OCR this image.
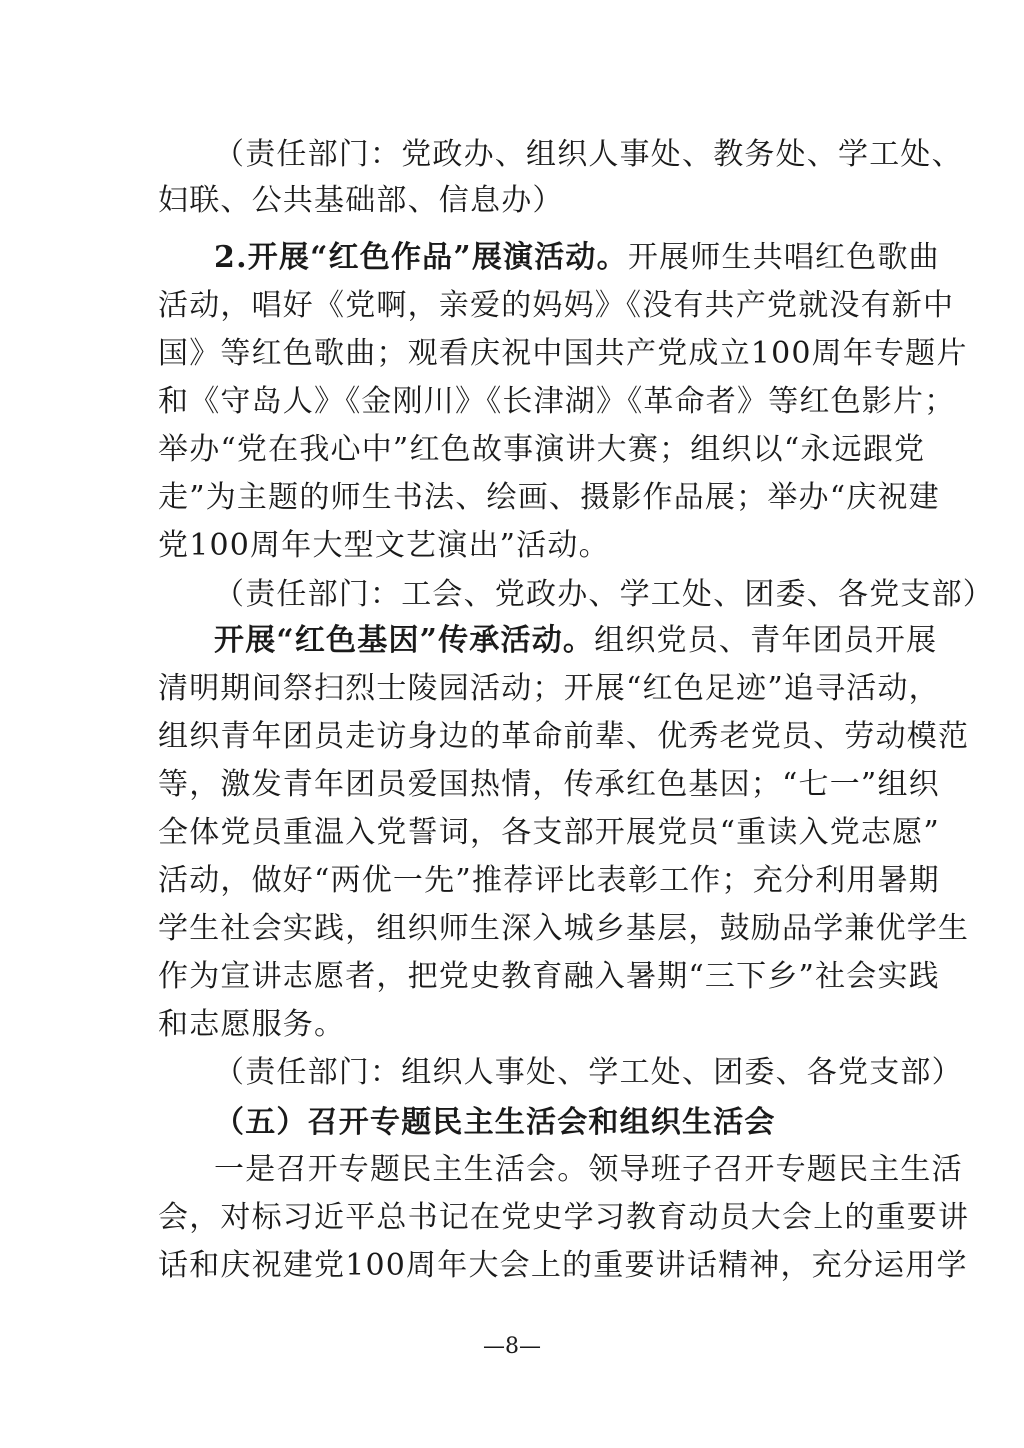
（责任部门：党政办、组织人事处、教务处、学工处、
妇联、公共基础部、信息办）
2.开展“红色作品”展演活动。开展师生共唱红色歌曲
活动，唱好《党啊，亲爱的妈妈》《没有共产党就没有新中
国》等红色歌曲；观看庆祝中国共产党成立100周年专题片
和《守岛人》《金刚川》《长津湖》《革命者》等红色影片；
举办“党在我心中”红色故事演讲大赛；组织以“永远跟党
走”为主题的师生书法、绘画、摄影作品展；举办“庆祝建
党100周年大型文艺演出”活动。
（责任部门：工会、党政办、学工处、团委、各党支部）
开展“红色基因”传承活动。组织党员、青年团员开展
清明期间祭扫烈士陵园活动；开展“红色足迹”追寻活动，
组织青年团员走访身边的革命前辈、优秀老党员、劳动模范
等，激发青年团员爱国热情，传承红色基因；“七一”组织
全体党员重温入党誓词，各支部开展党员“重读入党志愿”
活动，做好“两优一先”推荐评比表彰工作；充分利用暑期
学生社会实践，组织师生深入城乡基层，鼓励品学兼优学生
作为宣讲志愿者，把党史教育融入暑期“三下乡”社会实践
和志愿服务。
（责任部门：组织人事处、学工处、团委、各党支部）
（五）召开专题民主生活会和组织生活会
一是召开专题民主生活会。领导班子召开专题民主生活
会，对标习近平总书记在党史学习教育动员大会上的重要讲
话和庆祝建党100周年大会上的重要讲话精神，充分运用学
—8—
